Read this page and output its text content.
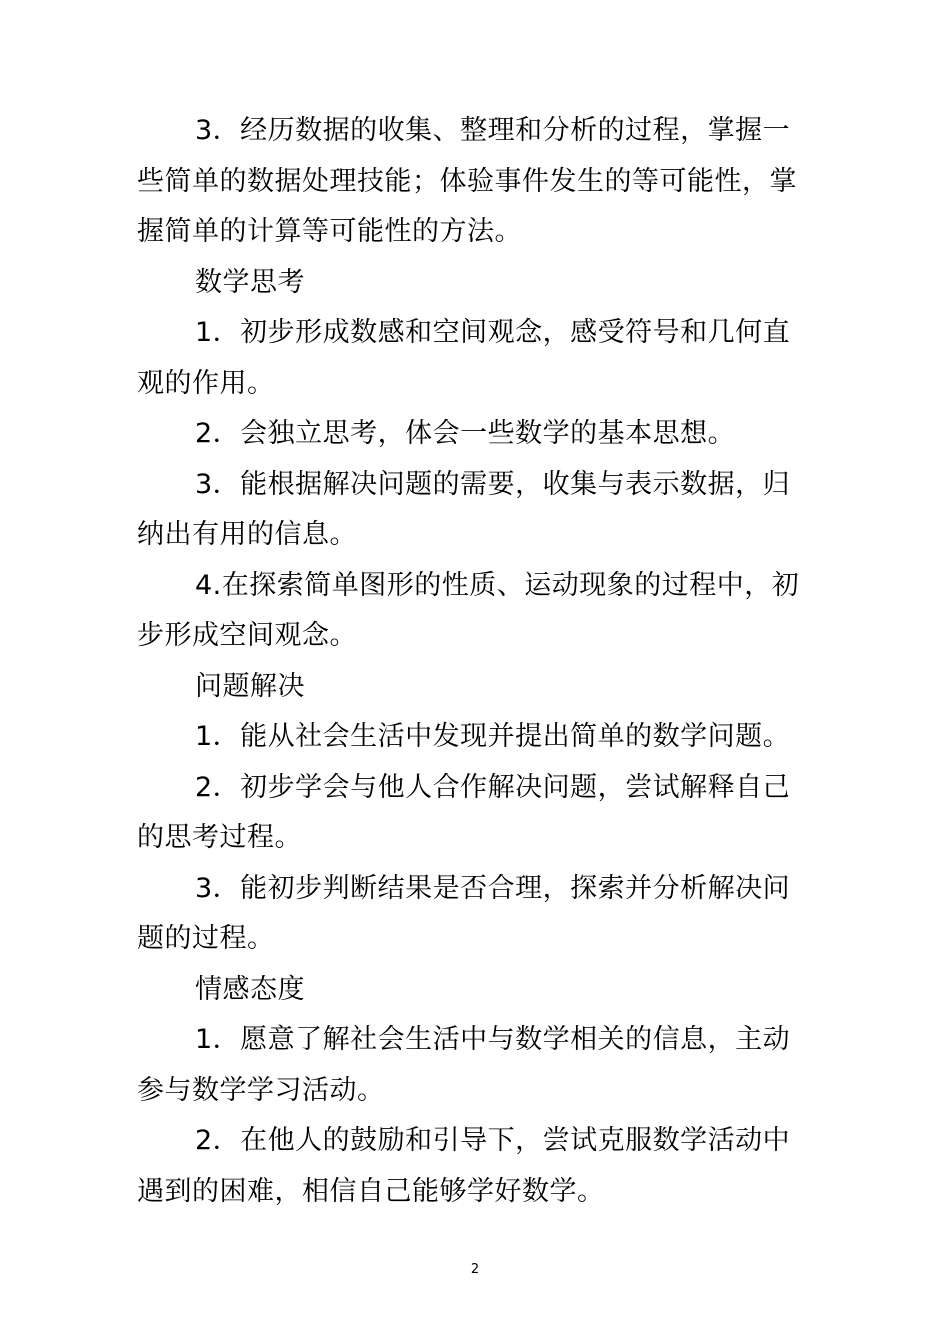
3．经历数据的收集、整理和分析的过程，掌握一些简单的数据处理技能；体验事件发生的等可能性，掌握简单的计算等可能性的方法。

数学思考

1．初步形成数感和空间观念，感受符号和几何直观的作用。

2．会独立思考，体会一些数学的基本思想。

3．能根据解决问题的需要，收集与表示数据，归纳出有用的信息。

4.在探索简单图形的性质、运动现象的过程中，初步形成空间观念。

问题解决

1．能从社会生活中发现并提出简单的数学问题。

2．初步学会与他人合作解决问题，尝试解释自己的思考过程。

3．能初步判断结果是否合理，探索并分析解决问题的过程。

情感态度

1．愿意了解社会生活中与数学相关的信息，主动参与数学学习活动。

2．在他人的鼓励和引导下，尝试克服数学活动中遇到的困难，相信自己能够学好数学。

2
